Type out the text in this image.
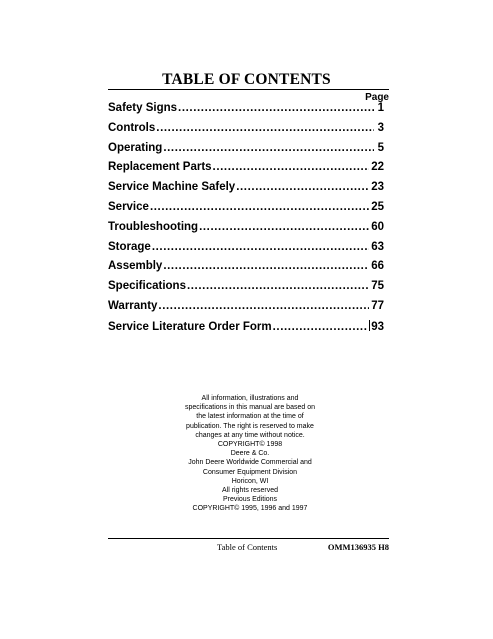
TABLE OF CONTENTS
Page
Safety Signs .....	1
Controls .....	3
Operating .....	5
Replacement Parts .....	22
Service Machine Safely .....	23
Service .....	25
Troubleshooting .....	60
Storage .....	63
Assembly .....	66
Specifications .....	75
Warranty .....	77
Service Literature Order Form .....	93
All information, illustrations and
specifications in this manual are based on
the latest information at the time of
publication. The right is reserved to make
changes at any time without notice.
COPYRIGHT© 1998
Deere & Co.
John Deere Worldwide Commercial and
Consumer Equipment Division
Horicon, WI
All rights reserved
Previous Editions
COPYRIGHT© 1995, 1996 and 1997
Table of Contents	OMM136935 H8
